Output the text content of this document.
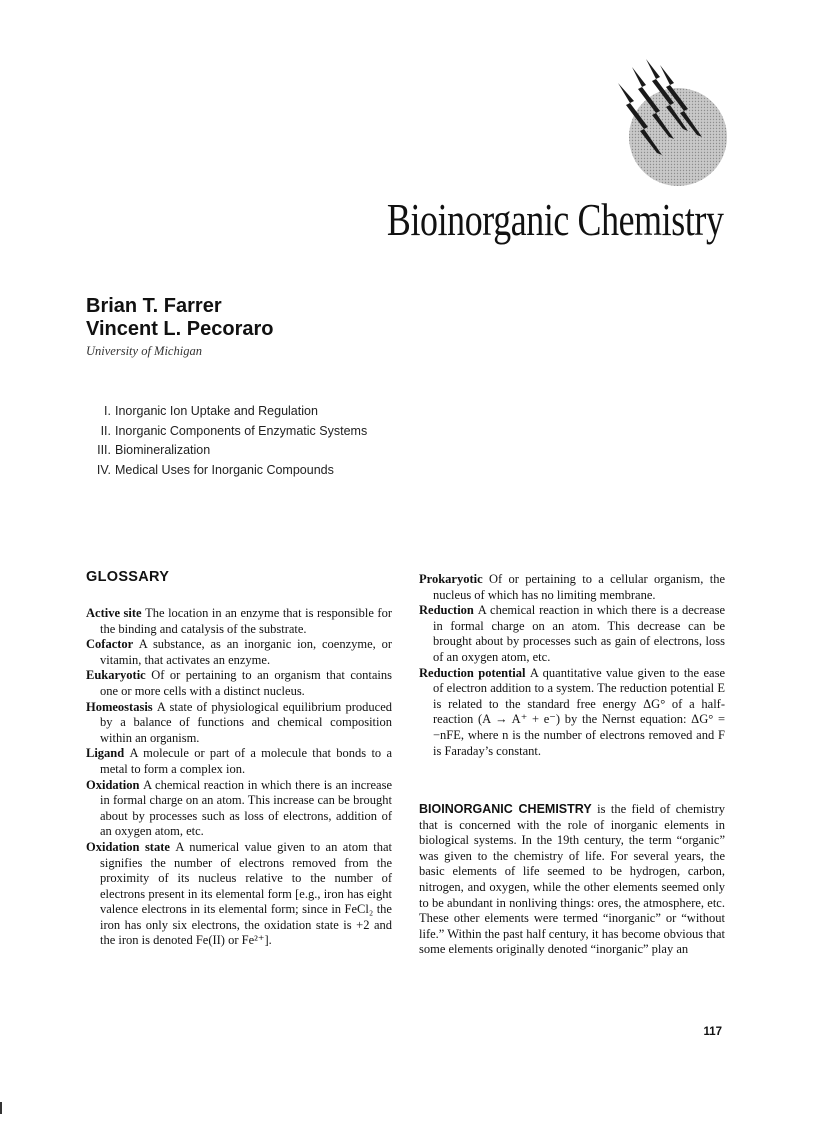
Bioinorganic Chemistry
Brian T. Farrer
Vincent L. Pecoraro
University of Michigan
I. Inorganic Ion Uptake and Regulation
II. Inorganic Components of Enzymatic Systems
III. Biomineralization
IV. Medical Uses for Inorganic Compounds
GLOSSARY

Active site The location in an enzyme that is responsible for the binding and catalysis of the substrate.

Cofactor A substance, as an inorganic ion, coenzyme, or vitamin, that activates an enzyme.

Eukaryotic Of or pertaining to an organism that contains one or more cells with a distinct nucleus.

Homeostasis A state of physiological equilibrium produced by a balance of functions and chemical composition within an organism.

Ligand A molecule or part of a molecule that bonds to a metal to form a complex ion.

Oxidation A chemical reaction in which there is an increase in formal charge on an atom. This increase can be brought about by processes such as loss of electrons, addition of an oxygen atom, etc.

Oxidation state A numerical value given to an atom that signifies the number of electrons removed from the proximity of its nucleus relative to the number of electrons present in its elemental form [e.g., iron has eight valence electrons in its elemental form; since in FeCl₂ the iron has only six electrons, the oxidation state is +2 and the iron is denoted Fe(II) or Fe²⁺].

Prokaryotic Of or pertaining to a cellular organism, the nucleus of which has no limiting membrane.

Reduction A chemical reaction in which there is a decrease in formal charge on an atom. This decrease can be brought about by processes such as gain of electrons, loss of an oxygen atom, etc.

Reduction potential A quantitative value given to the ease of electron addition to a system. The reduction potential E is related to the standard free energy ΔG° of a half-reaction (A → A⁺ + e⁻) by the Nernst equation: ΔG° = −nFE, where n is the number of electrons removed and F is Faraday’s constant.

BIOINORGANIC CHEMISTRY is the field of chemistry that is concerned with the role of inorganic elements in biological systems. In the 19th century, the term “organic” was given to the chemistry of life. For several years, the basic elements of life seemed to be hydrogen, carbon, nitrogen, and oxygen, while the other elements seemed only to be abundant in nonliving things: ores, the atmosphere, etc. These other elements were termed “inorganic” or “without life.” Within the past half century, it has become obvious that some elements originally denoted “inorganic” play an

117
